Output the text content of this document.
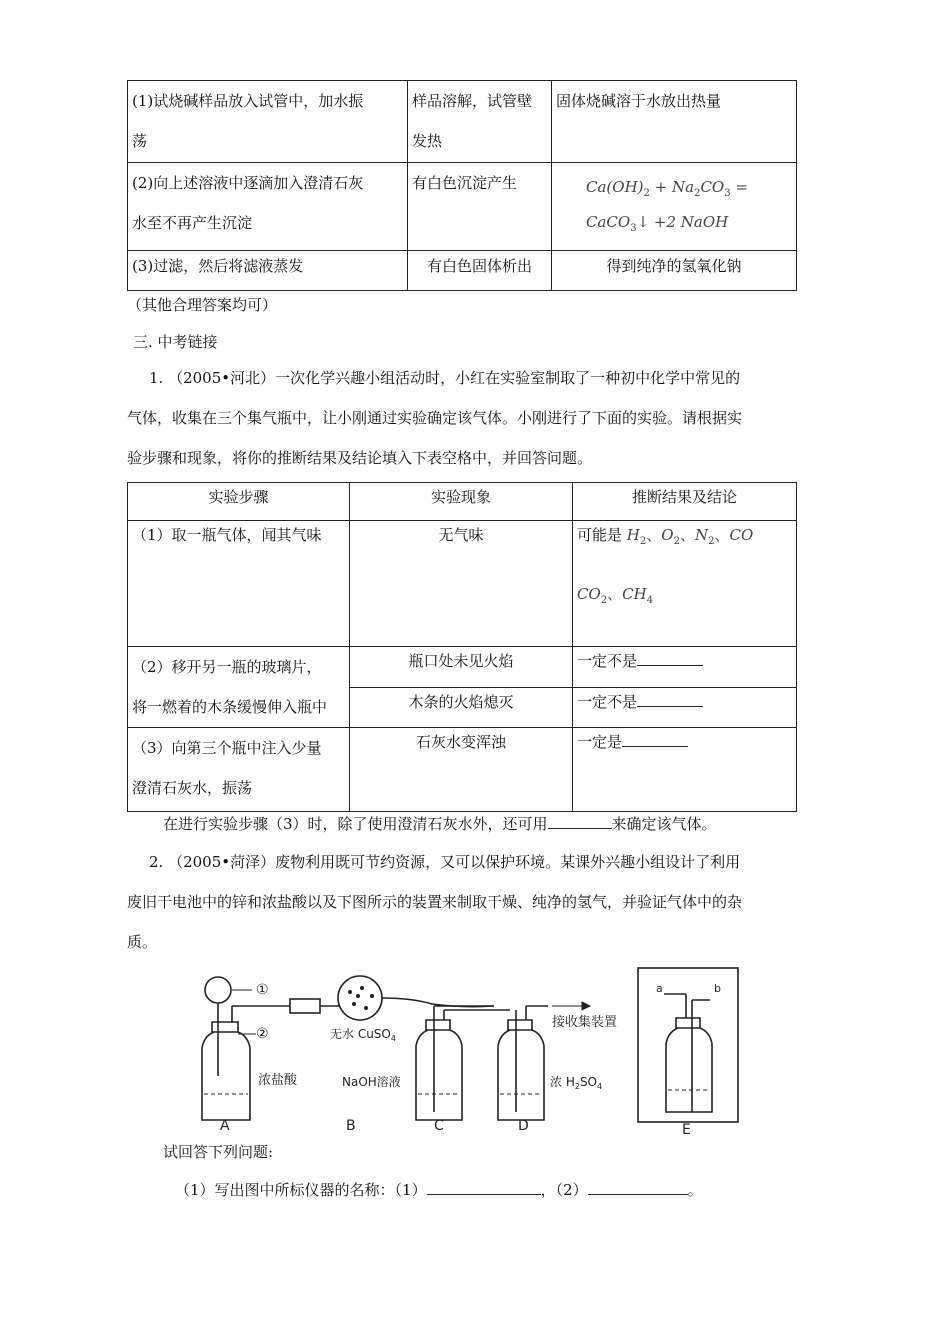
(1)试烧碱样品放入试管中，加水振
荡	样品溶解，试管壁
发热	固体烧碱溶于水放出热量
(2)向上述溶液中逐滴加入澄清石灰
水至不再产生沉淀	有白色沉淀产生	$Ca(OH)_2 + Na_2CO_3$ =
CaCO$_3$↓ +2 NaOH
(3)过滤，然后将滤液蒸发	有白色固体析出	得到纯净的氢氧化钠
（其他合理答案均可）
三. 中考链接
1. （2005•河北）一次化学兴趣小组活动时，小红在实验室制取了一种初中化学中常见的
气体，收集在三个集气瓶中，让小刚通过实验确定该气体。小刚进行了下面的实验。请根据实
验步骤和现象，将你的推断结果及结论填入下表空格中，并回答问题。
实验步骤	实验现象	推断结果及结论
（1）取一瓶气体，闻其气味	无气味	可能是 $H_2$、$O_2$、$N_2$、CO
$CO_2$、$CH_4$

（2）移开另一瓶的玻璃片，
将一燃着的木条缓慢伸入瓶中	瓶口处未见火焰	一定不是
	木条的火焰熄灭	一定不是
（3）向第三个瓶中注入少量
澄清石灰水，振荡	石灰水变浑浊	一定是
在进行实验步骤（3）时，除了使用澄清石灰水外，还可用	来确定该气体。
2. （2005•菏泽）废物利用既可节约资源，又可以保护环境。某课外兴趣小组设计了利用
废旧干电池中的锌和浓盐酸以及下图所示的装置来制取干燥、纯净的氢气，并验证气体中的杂
质。
①
②
浓盐酸
无水 CuSO$_4$
NaOH溶液	浓 $H_2SO_4$
接收集装置
a	b
A	B	C	D	E
试回答下列问题:
（1）写出图中所标仪器的名称：（1）	，（2）	。
